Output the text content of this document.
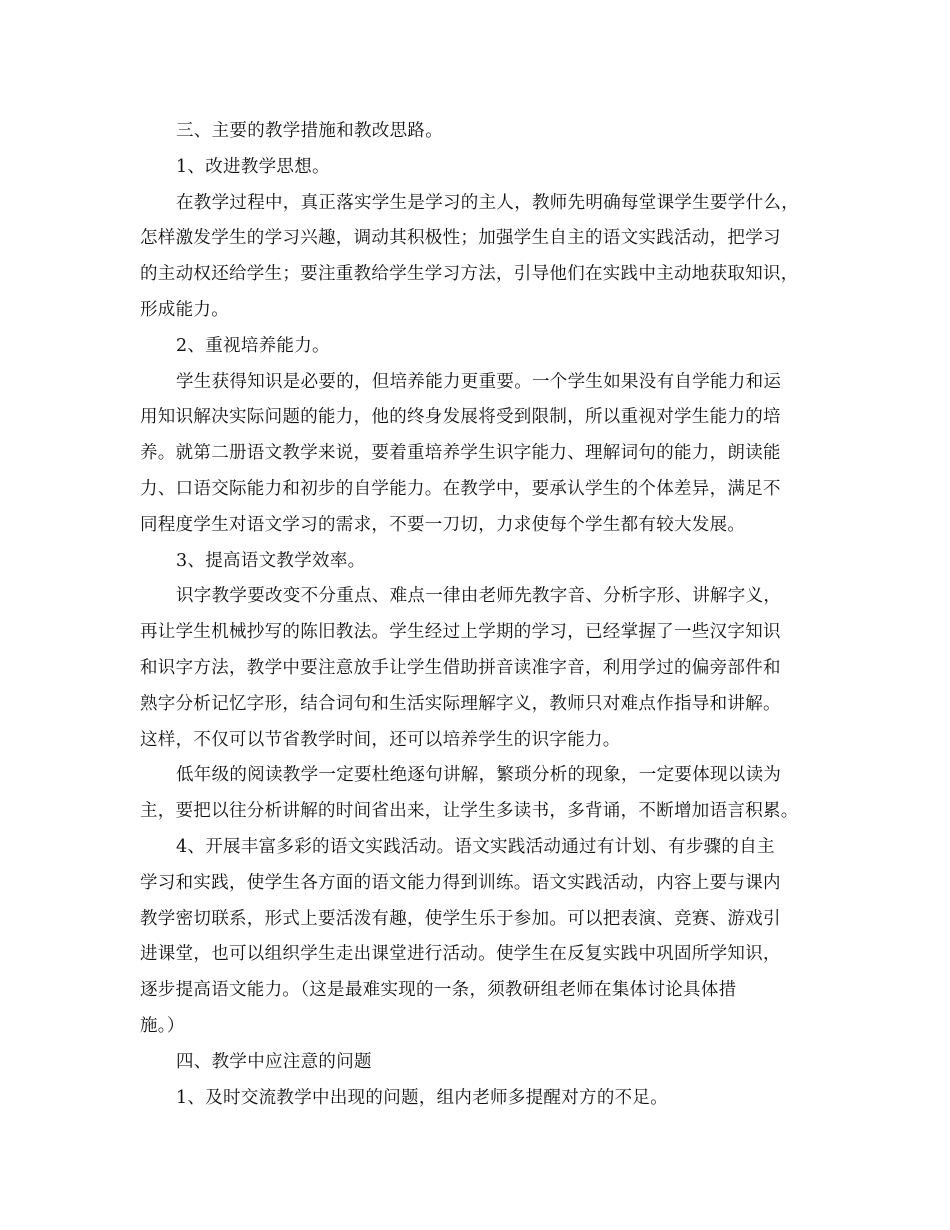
三、主要的教学措施和教改思路。
1、改进教学思想。
在教学过程中，真正落实学生是学习的主人，教师先明确每堂课学生要学什么，
怎样激发学生的学习兴趣，调动其积极性；加强学生自主的语文实践活动，把学习
的主动权还给学生；要注重教给学生学习方法，引导他们在实践中主动地获取知识，
形成能力。
2、重视培养能力。
学生获得知识是必要的，但培养能力更重要。一个学生如果没有自学能力和运
用知识解决实际问题的能力，他的终身发展将受到限制，所以重视对学生能力的培
养。就第二册语文教学来说，要着重培养学生识字能力、理解词句的能力，朗读能
力、口语交际能力和初步的自学能力。在教学中，要承认学生的个体差异，满足不
同程度学生对语文学习的需求，不要一刀切，力求使每个学生都有较大发展。
3、提高语文教学效率。
识字教学要改变不分重点、难点一律由老师先教字音、分析字形、讲解字义，
再让学生机械抄写的陈旧教法。学生经过上学期的学习，已经掌握了一些汉字知识
和识字方法，教学中要注意放手让学生借助拼音读准字音，利用学过的偏旁部件和
熟字分析记忆字形，结合词句和生活实际理解字义，教师只对难点作指导和讲解。
这样，不仅可以节省教学时间，还可以培养学生的识字能力。
低年级的阅读教学一定要杜绝逐句讲解，繁琐分析的现象，一定要体现以读为
主，要把以往分析讲解的时间省出来，让学生多读书，多背诵，不断增加语言积累。
4、开展丰富多彩的语文实践活动。语文实践活动通过有计划、有步骤的自主
学习和实践，使学生各方面的语文能力得到训练。语文实践活动，内容上要与课内
教学密切联系，形式上要活泼有趣，使学生乐于参加。可以把表演、竞赛、游戏引
进课堂，也可以组织学生走出课堂进行活动。使学生在反复实践中巩固所学知识，
逐步提高语文能力。（这是最难实现的一条，须教研组老师在集体讨论具体措
施。）
四、教学中应注意的问题
1、及时交流教学中出现的问题，组内老师多提醒对方的不足。
